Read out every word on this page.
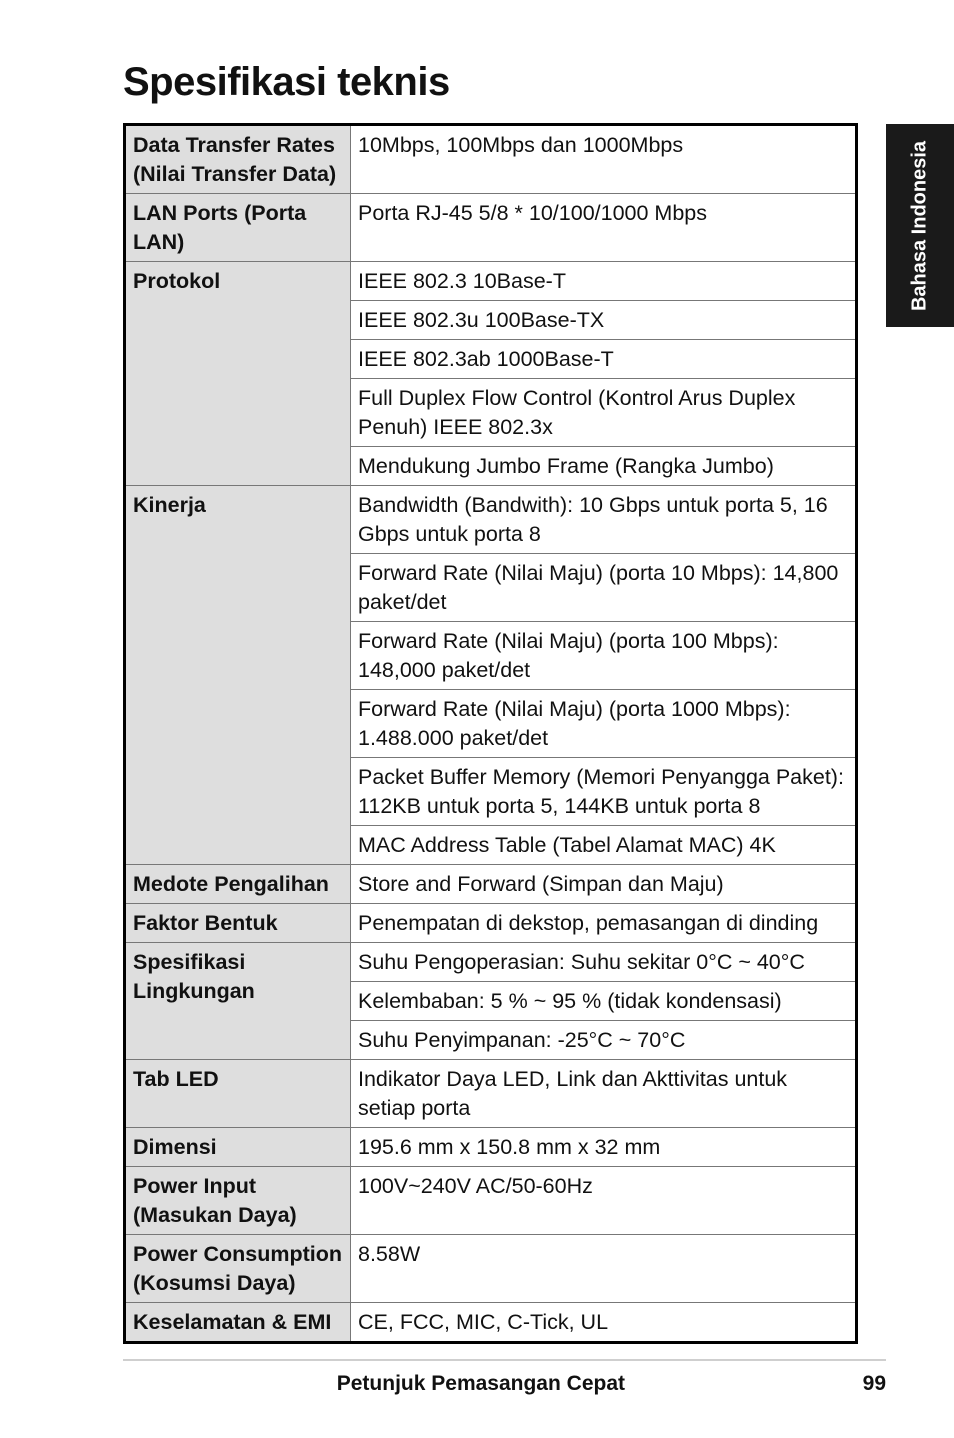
Spesifikasi teknis
Bahasa Indonesia
Data Transfer Rates (Nilai Transfer Data)	10Mbps, 100Mbps dan 1000Mbps
LAN Ports (Porta LAN)	Porta RJ-45 5/8 * 10/100/1000 Mbps
Protokol	IEEE 802.3 10Base-T
	IEEE 802.3u 100Base-TX
	IEEE 802.3ab 1000Base-T
	Full Duplex Flow Control (Kontrol Arus Duplex Penuh) IEEE 802.3x
	Mendukung Jumbo Frame (Rangka Jumbo)
Kinerja	Bandwidth (Bandwith): 10 Gbps untuk porta 5, 16 Gbps untuk porta 8
	Forward Rate (Nilai Maju) (porta 10 Mbps): 14,800 paket/det
	Forward Rate (Nilai Maju) (porta 100 Mbps): 148,000 paket/det
	Forward Rate (Nilai Maju) (porta 1000 Mbps): 1.488.000 paket/det
	Packet Buffer Memory (Memori Penyangga Paket): 112KB untuk porta 5, 144KB untuk porta 8
	MAC Address Table (Tabel Alamat MAC) 4K
Medote Pengalihan	Store and Forward (Simpan dan Maju)
Faktor Bentuk	Penempatan di dekstop, pemasangan di dinding
Spesifikasi Lingkungan	Suhu Pengoperasian: Suhu sekitar 0°C ~ 40°C
	Kelembaban: 5 % ~ 95 % (tidak kondensasi)
	Suhu Penyimpanan: -25°C ~ 70°C
Tab LED	Indikator Daya LED, Link dan Akttivitas untuk setiap porta
Dimensi	195.6 mm x 150.8 mm x 32 mm
Power Input (Masukan Daya)	100V~240V AC/50-60Hz
Power Consumption (Kosumsi Daya)	8.58W
Keselamatan & EMI	CE, FCC, MIC, C-Tick, UL
Petunjuk Pemasangan Cepat	99
